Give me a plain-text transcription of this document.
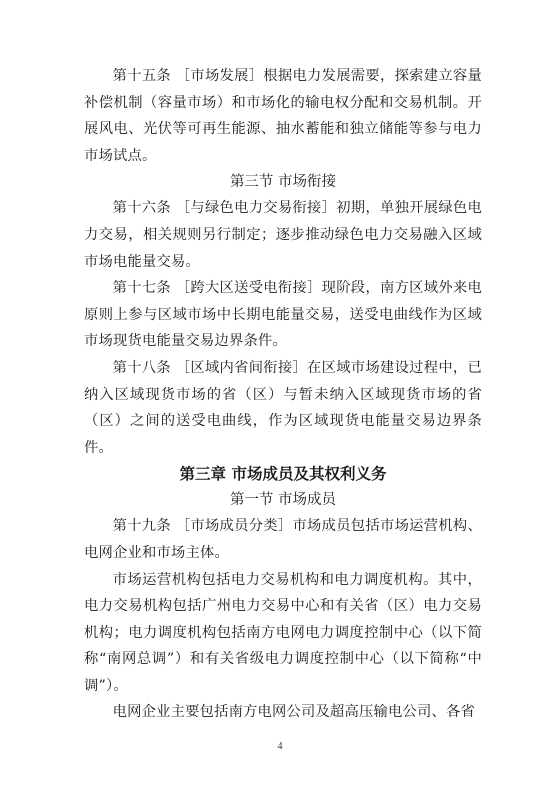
第十五条 ［市场发展］根据电力发展需要，探索建立容量补偿机制（容量市场）和市场化的输电权分配和交易机制。开展风电、光伏等可再生能源、抽水蓄能和独立储能等参与电力市场试点。

第三节 市场衔接

第十六条 ［与绿色电力交易衔接］初期，单独开展绿色电力交易，相关规则另行制定；逐步推动绿色电力交易融入区域市场电能量交易。

第十七条 ［跨大区送受电衔接］现阶段，南方区域外来电原则上参与区域市场中长期电能量交易，送受电曲线作为区域市场现货电能量交易边界条件。

第十八条 ［区域内省间衔接］在区域市场建设过程中，已纳入区域现货市场的省（区）与暂未纳入区域现货市场的省（区）之间的送受电曲线，作为区域现货电能量交易边界条件。

第三章 市场成员及其权利义务
第一节 市场成员

第十九条 ［市场成员分类］市场成员包括市场运营机构、电网企业和市场主体。

市场运营机构包括电力交易机构和电力调度机构。其中，电力交易机构包括广州电力交易中心和有关省（区）电力交易机构；电力调度机构包括南方电网电力调度控制中心（以下简称“南网总调”）和有关省级电力调度控制中心（以下简称“中调”）。

电网企业主要包括南方电网公司及超高压输电公司、各省

4
